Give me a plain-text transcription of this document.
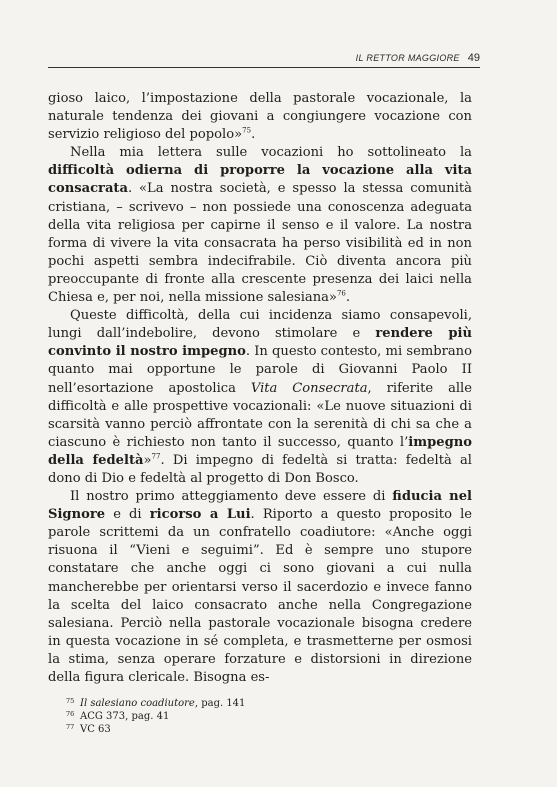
IL RETTOR MAGGIORE 49

gioso laico, l’impostazione della pastorale vocazionale, la naturale tendenza dei giovani a congiungere vocazione con servizio religioso del popolo»$^{75}$.

Nella mia lettera sulle vocazioni ho sottolineato la difficoltà odierna di proporre la vocazione alla vita consacrata. «La nostra società, e spesso la stessa comunità cristiana, – scrivevo – non possiede una conoscenza adeguata della vita religiosa per capirne il senso e il valore. La nostra forma di vivere la vita consacrata ha perso visibilità ed in non pochi aspetti sembra indecifrabile. Ciò diventa ancora più preoccupante di fronte alla crescente presenza dei laici nella Chiesa e, per noi, nella missione salesiana»$^{76}$.

Queste difficoltà, della cui incidenza siamo consapevoli, lungi dall’indebolire, devono stimolare e rendere più convinto il nostro impegno. In questo contesto, mi sembrano quanto mai opportune le parole di Giovanni Paolo II nell’esortazione apostolica Vita Consecrata, riferite alle difficoltà e alle prospettive vocazionali: «Le nuove situazioni di scarsità vanno perciò affrontate con la serenità di chi sa che a ciascuno è richiesto non tanto il successo, quanto l’impegno della fedeltà»$^{77}$. Di impegno di fedeltà si tratta: fedeltà al dono di Dio e fedeltà al progetto di Don Bosco.

Il nostro primo atteggiamento deve essere di fiducia nel Signore e di ricorso a Lui. Riporto a questo proposito le parole scrittemi da un confratello coadiutore: «Anche oggi risuona il “Vieni e seguimi”. Ed è sempre uno stupore constatare che anche oggi ci sono giovani a cui nulla mancherebbe per orientarsi verso il sacerdozio e invece fanno la scelta del laico consacrato anche nella Congregazione salesiana. Perciò nella pastorale vocazionale bisogna credere in questa vocazione in sé completa, e trasmetterne per osmosi la stima, senza operare forzature e distorsioni in direzione della figura clericale. Bisogna es-

75 Il salesiano coadiutore, pag. 141
76 ACG 373, pag. 41
77 VC 63
